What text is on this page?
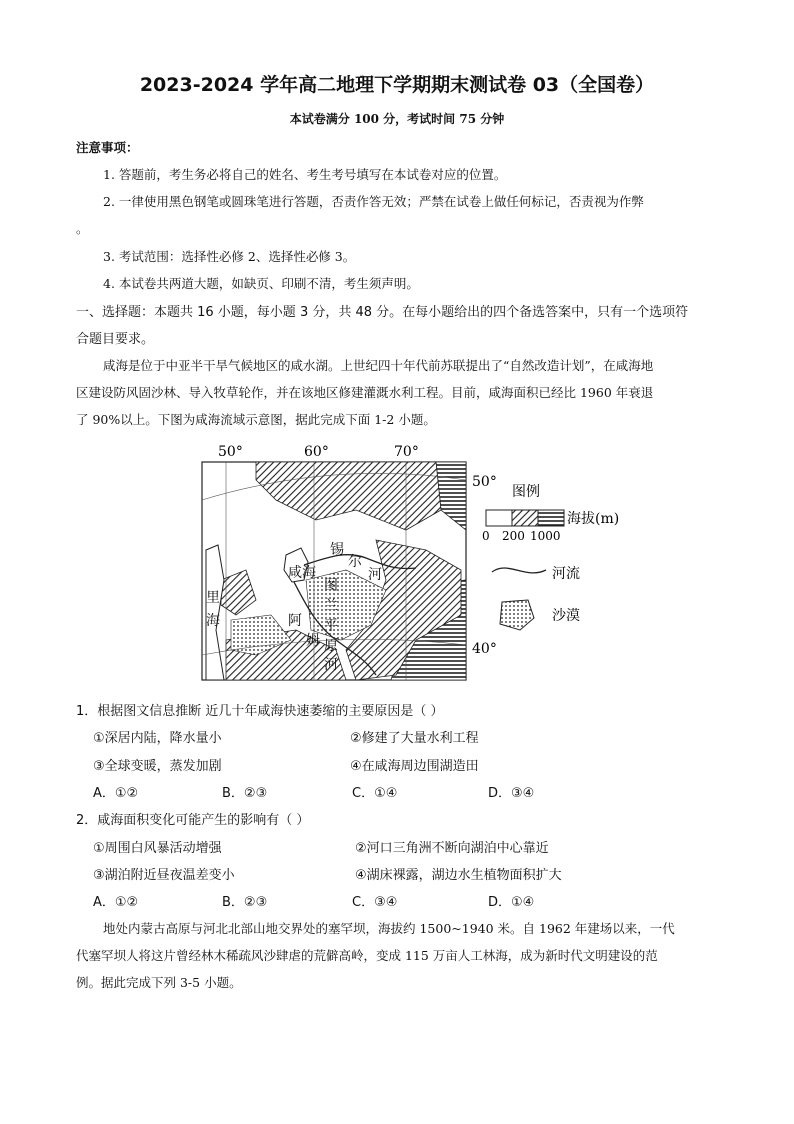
2023-2024 学年高二地理下学期期末测试卷 03（全国卷）
本试卷满分 100 分，考试时间 75 分钟
注意事项：
1. 答题前，考生务必将自己的姓名、考生考号填写在本试卷对应的位置。
2. 一律使用黑色钢笔或圆珠笔进行答题，否责作答无效；严禁在试卷上做任何标记，否责视为作弊
。
3. 考试范围：选择性必修 2、选择性必修 3。
4. 本试卷共两道大题，如缺页、印刷不清，考生须声明。
一、选择题：本题共 16 小题，每小题 3 分，共 48 分。在每小题给出的四个备选答案中，只有一个选项符
合题目要求。
咸海是位于中亚半干旱气候地区的咸水湖。上世纪四十年代前苏联提出了“自然改造计划”，在咸海地
区建设防风固沙林、导入牧草轮作，并在该地区修建灌溉水利工程。目前，咸海面积已经比 1960 年衰退
了 90%以上。下图为咸海流域示意图，据此完成下面 1-2 小题。
50°	60°	70°
50°
40°
咸 海
锡
尔
河
图
兰
平
原
阿
姆
河
里
海
图例
海拔(m)
0 200 1000
河流
沙漠
1．根据图文信息推断 近几十年咸海快速萎缩的主要原因是（ ）
①深居内陆，降水量小	②修建了大量水利工程
③全球变暖，蒸发加剧	④在咸海周边围湖造田
A．①②	B．②③	C．①④	D．③④
2．咸海面积变化可能产生的影响有（ ）
①周围白风暴活动增强	②河口三角洲不断向湖泊中心靠近
③湖泊附近昼夜温差变小	④湖床裸露，湖边水生植物面积扩大
A．①②	B．②③	C．③④	D．①④
地处内蒙古高原与河北北部山地交界处的塞罕坝，海拔约 1500~1940 米。自 1962 年建场以来，一代
代塞罕坝人将这片曾经林木稀疏风沙肆虐的荒僻高岭，变成 115 万亩人工林海，成为新时代文明建设的范
例。据此完成下列 3-5 小题。
